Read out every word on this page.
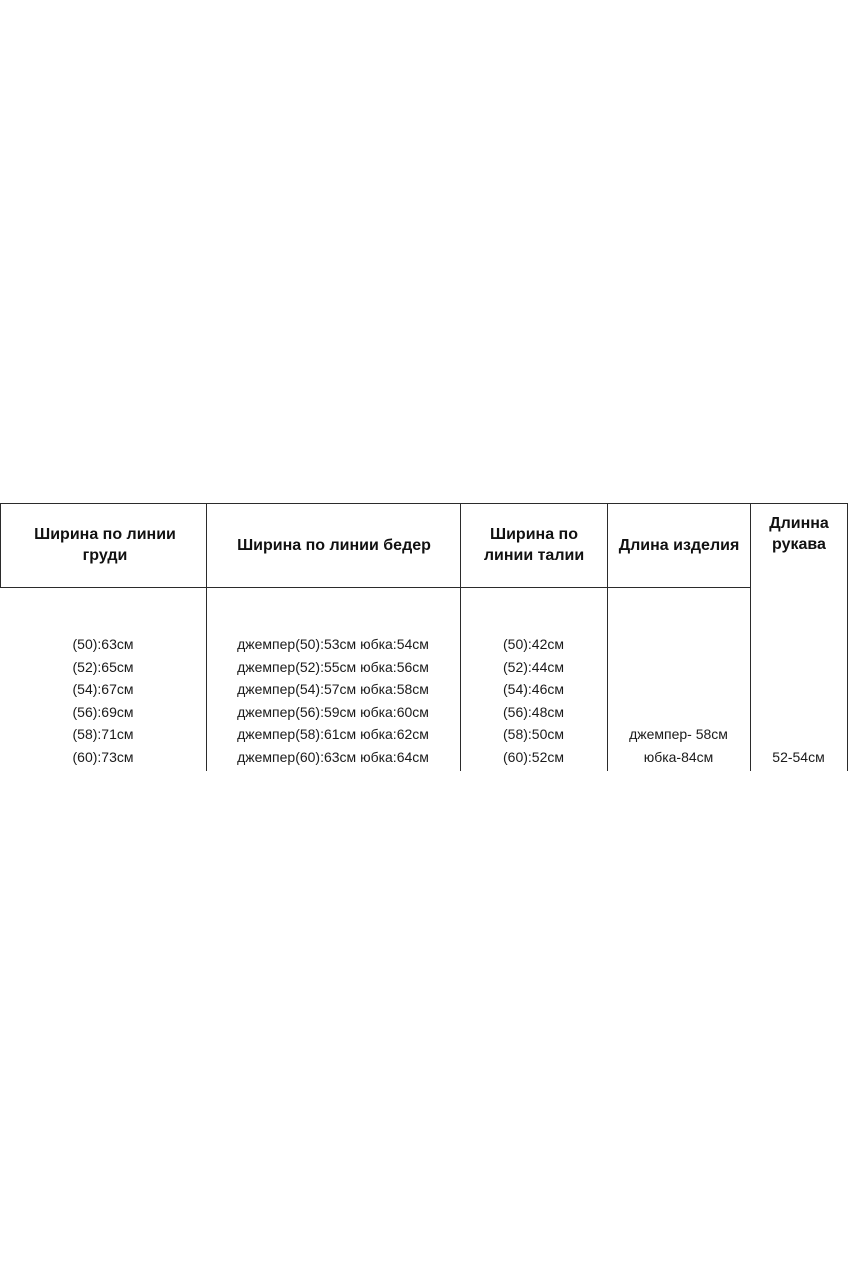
Ширина по линии груди
Ширина по линии бедер
Ширина по линии талии
Длина изделия
Длинна рукава
(50):63см
(52):65см
(54):67см
(56):69см
(58):71см
(60):73см
джемпер(50):53см юбка:54см
джемпер(52):55см юбка:56см
джемпер(54):57см юбка:58см
джемпер(56):59см юбка:60см
джемпер(58):61см юбка:62см
джемпер(60):63см юбка:64см
(50):42см
(52):44см
(54):46см
(56):48см
(58):50см
(60):52см
джемпер- 58см
юбка-84см	52-54см
